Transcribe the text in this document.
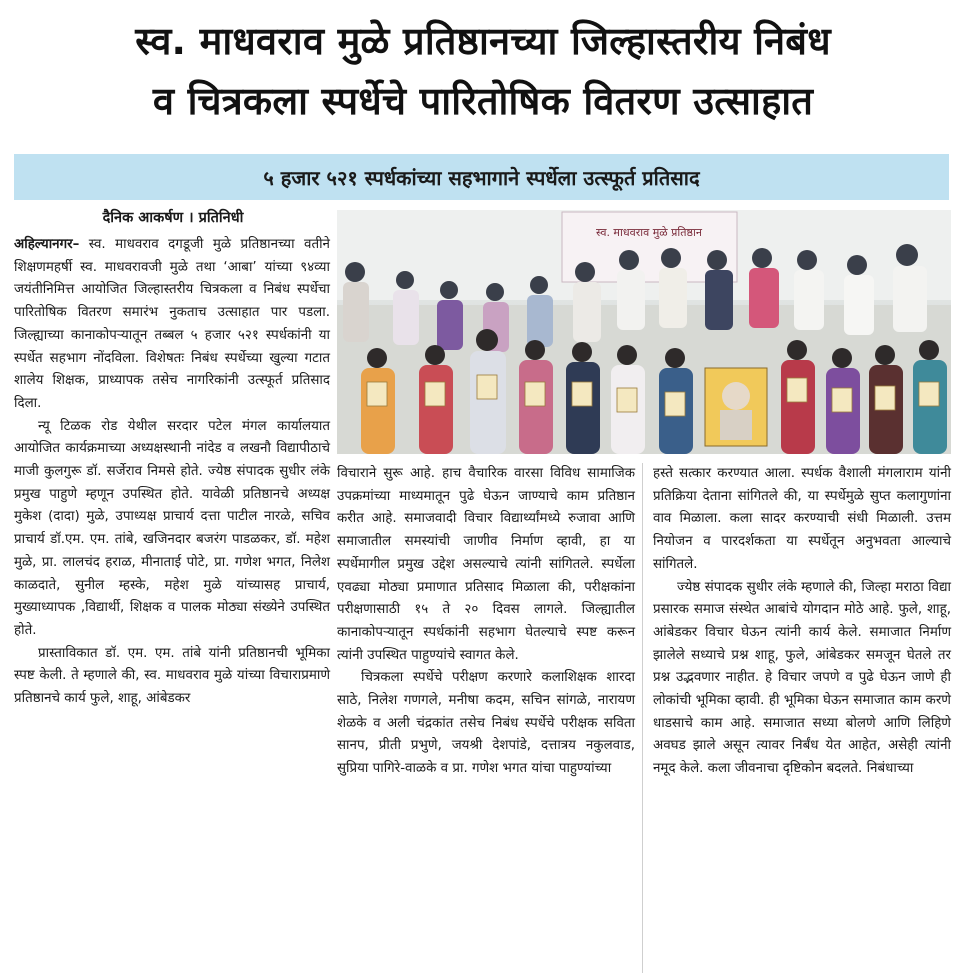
स्व. माधवराव मुळे प्रतिष्ठानच्या जिल्हास्तरीय निबंध
व चित्रकला स्पर्धेचे पारितोषिक वितरण उत्साहात
५ हजार ५२१ स्पर्धकांच्या सहभागाने स्पर्धेला उत्स्फूर्त प्रतिसाद
दैनिक आकर्षण । प्रतिनिधी

अहिल्यानगर– स्व. माधवराव दगडूजी मुळे प्रतिष्ठानच्या वतीने शिक्षणमहर्षी स्व. माधवरावजी मुळे तथा ‘आबा’ यांच्या ९४व्या जयंतीनिमित्त आयोजित जिल्हास्तरीय चित्रकला व निबंध स्पर्धेचा पारितोषिक वितरण समारंभ नुकताच उत्साहात पार पडला. जिल्ह्याच्या कानाकोपऱ्यातून तब्बल ५ हजार ५२१ स्पर्धकांनी या स्पर्धेत सहभाग नोंदविला. विशेषतः निबंध स्पर्धेच्या खुल्या गटात शालेय शिक्षक, प्राध्यापक तसेच नागरिकांनी उत्स्फूर्त प्रतिसाद दिला.

न्यू टिळक रोड येथील सरदार पटेल मंगल कार्यालयात आयोजित कार्यक्रमाच्या अध्यक्षस्थानी नांदेड व लखनौ विद्यापीठाचे माजी कुलगुरू डॉ. सर्जेराव निमसे होते. ज्येष्ठ संपादक सुधीर लंके प्रमुख पाहुणे म्हणून उपस्थित होते. यावेळी प्रतिष्ठानचे अध्यक्ष मुकेश (दादा) मुळे, उपाध्यक्ष प्राचार्य दत्ता पाटील नारळे, सचिव प्राचार्य डॉ.एम. एम. तांबे, खजिनदार बजरंग पाडळकर, डॉ. महेश मुळे, प्रा. लालचंद हराळ, मीनाताई पोटे, प्रा. गणेश भगत, निलेश काळदाते, सुनील म्हस्के, महेश मुळे यांच्यासह प्राचार्य, मुख्याध्यापक ,विद्यार्थी, शिक्षक व पालक मोठ्या संख्येने उपस्थित होते.

प्रास्ताविकात डॉ. एम. एम. तांबे यांनी प्रतिष्ठानची भूमिका स्पष्ट केली. ते म्हणाले की, स्व. माधवराव मुळे यांच्या विचाराप्रमाणे प्रतिष्ठानचे कार्य फुले, शाहू, आंबेडकर

स्व. माधवराव मुळे प्रतिष्ठान

विचाराने सुरू आहे. हाच वैचारिक वारसा विविध सामाजिक उपक्रमांच्या माध्यमातून पुढे घेऊन जाण्याचे काम प्रतिष्ठान करीत आहे. समाजवादी विचार विद्यार्थ्यांमध्ये रुजावा आणि समाजातील समस्यांची जाणीव निर्माण व्हावी, हा या स्पर्धेमागील प्रमुख उद्देश असल्याचे त्यांनी सांगितले. स्पर्धेला एवढ्या मोठ्या प्रमाणात प्रतिसाद मिळाला की, परीक्षकांना परीक्षणासाठी १५ ते २० दिवस लागले. जिल्ह्यातील कानाकोपऱ्यातून स्पर्धकांनी सहभाग घेतल्याचे स्पष्ट करून त्यांनी उपस्थित पाहुण्यांचे स्वागत केले.

चित्रकला स्पर्धेचे परीक्षण करणारे कलाशिक्षक शारदा साठे, निलेश गणगले, मनीषा कदम, सचिन सांगळे, नारायण शेळके व अली चंद्रकांत तसेच निबंध स्पर्धेचे परीक्षक सविता सानप, प्रीती प्रभुणे, जयश्री देशपांडे, दत्तात्रय नकुलवाड, सुप्रिया पागिरे-वाळके व प्रा. गणेश भगत यांचा पाहुण्यांच्या

हस्ते सत्कार करण्यात आला. स्पर्धक वैशाली मंगलाराम यांनी प्रतिक्रिया देताना सांगितले की, या स्पर्धेमुळे सुप्त कलागुणांना वाव मिळाला. कला सादर करण्याची संधी मिळाली. उत्तम नियोजन व पारदर्शकता या स्पर्धेतून अनुभवता आल्याचे सांगितले.

ज्येष्ठ संपादक सुधीर लंके म्हणाले की, जिल्हा मराठा विद्या प्रसारक समाज संस्थेत आबांचे योगदान मोठे आहे. फुले, शाहू, आंबेडकर विचार घेऊन त्यांनी कार्य केले. समाजात निर्माण झालेले सध्याचे प्रश्न शाहू, फुले, आंबेडकर समजून घेतले तर प्रश्न उद्भवणार नाहीत. हे विचार जपणे व पुढे घेऊन जाणे ही लोकांची भूमिका व्हावी. ही भूमिका घेऊन समाजात काम करणे धाडसाचे काम आहे. समाजात सध्या बोलणे आणि लिहिणे अवघड झाले असून त्यावर निर्बंध येत आहेत, असेही त्यांनी नमूद केले. कला जीवनाचा दृष्टिकोन बदलते. निबंधाच्या
